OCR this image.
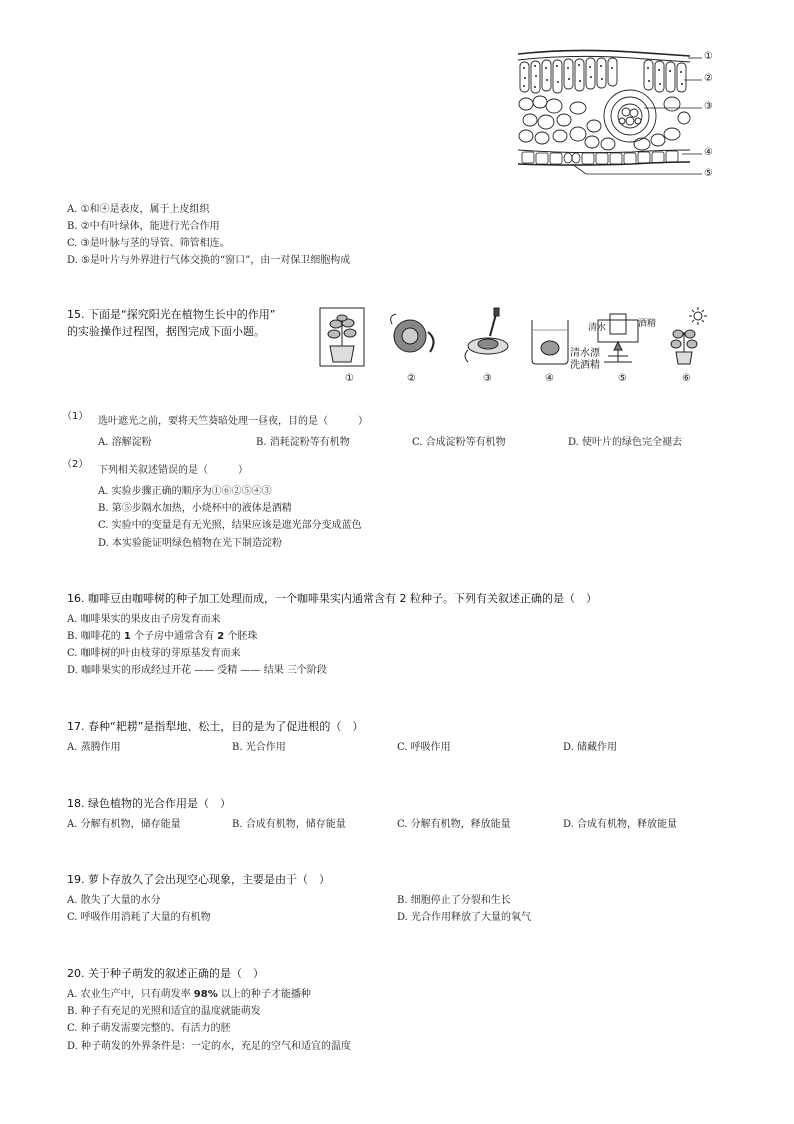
①
②
③
④
⑤
A. ①和④是表皮，属于上皮组织
B. ②中有叶绿体，能进行光合作用
C. ③是叶脉与茎的导管、筛管相连。
D. ⑤是叶片与外界进行气体交换的“窗口”，由一对保卫细胞构成
15. 下面是“探究阳光在植物生长中的作用”
的实验操作过程图，据图完成下面小题。	清水	酒精
清水漂
洗酒精
①	②	③	④	⑤	⑥
（1） 选叶遮光之前，要将天竺葵暗处理一昼夜，目的是（　　　）
A. 溶解淀粉	B. 消耗淀粉等有机物	C. 合成淀粉等有机物	D. 使叶片的绿色完全褪去
（2）
下列相关叙述错误的是（　　　）
A. 实验步骤正确的顺序为①⑥②⑤④③
B. 第⑤步隔水加热，小烧杯中的液体是酒精
C. 实验中的变量是有无光照，结果应该是遮光部分变成蓝色
D. 本实验能证明绿色植物在光下制造淀粉
16. 咖啡豆由咖啡树的种子加工处理而成，一个咖啡果实内通常含有 2 粒种子。下列有关叙述正确的是（　）
A. 咖啡果实的果皮由子房发育而来
B. 咖啡花的 1 个子房中通常含有 2 个胚珠
C. 咖啡树的叶由枝芽的芽原基发育而来
D. 咖啡果实的形成经过开花 —— 受精 —— 结果 三个阶段
17. 春种“耙耢”是指犁地、松土，目的是为了促进根的（　）
A. 蒸腾作用	B. 光合作用	C. 呼吸作用	D. 储藏作用
18. 绿色植物的光合作用是（　）
A. 分解有机物，储存能量	B. 合成有机物，储存能量	C. 分解有机物，释放能量	D. 合成有机物，释放能量
19. 萝卜存放久了会出现空心现象，主要是由于（　）
A. 散失了大量的水分	B. 细胞停止了分裂和生长
C. 呼吸作用消耗了大量的有机物	D. 光合作用释放了大量的氧气
20. 关于种子萌发的叙述正确的是（　）
A. 农业生产中，只有萌发率 98% 以上的种子才能播种
B. 种子有充足的光照和适宜的温度就能萌发
C. 种子萌发需要完整的、有活力的胚
D. 种子萌发的外界条件是：一定的水，充足的空气和适宜的温度
